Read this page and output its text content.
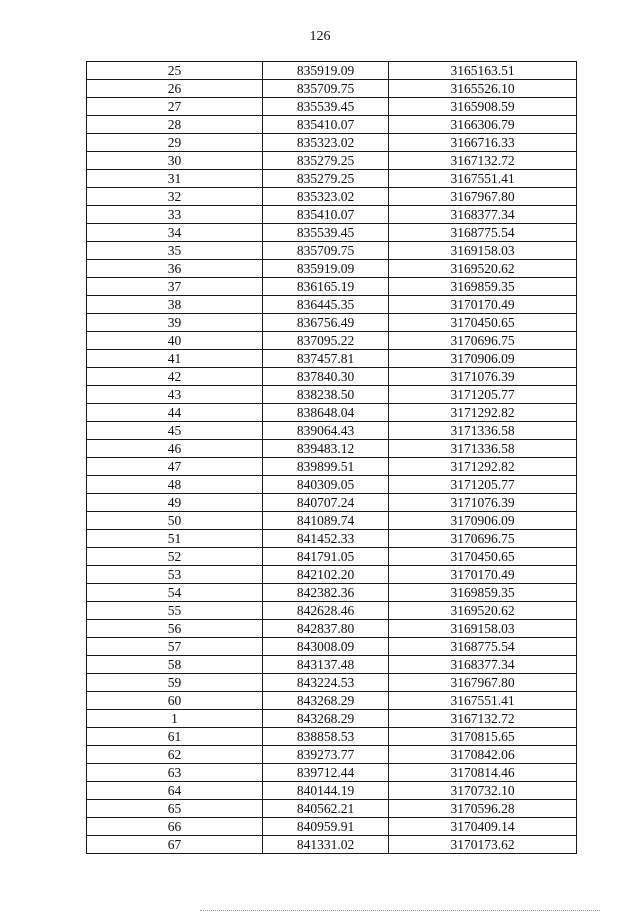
126
25	835919.09	3165163.51
26	835709.75	3165526.10
27	835539.45	3165908.59
28	835410.07	3166306.79
29	835323.02	3166716.33
30	835279.25	3167132.72
31	835279.25	3167551.41
32	835323.02	3167967.80
33	835410.07	3168377.34
34	835539.45	3168775.54
35	835709.75	3169158.03
36	835919.09	3169520.62
37	836165.19	3169859.35
38	836445.35	3170170.49
39	836756.49	3170450.65
40	837095.22	3170696.75
41	837457.81	3170906.09
42	837840.30	3171076.39
43	838238.50	3171205.77
44	838648.04	3171292.82
45	839064.43	3171336.58
46	839483.12	3171336.58
47	839899.51	3171292.82
48	840309.05	3171205.77
49	840707.24	3171076.39
50	841089.74	3170906.09
51	841452.33	3170696.75
52	841791.05	3170450.65
53	842102.20	3170170.49
54	842382.36	3169859.35
55	842628.46	3169520.62
56	842837.80	3169158.03
57	843008.09	3168775.54
58	843137.48	3168377.34
59	843224.53	3167967.80
60	843268.29	3167551.41
1	843268.29	3167132.72
61	838858.53	3170815.65
62	839273.77	3170842.06
63	839712.44	3170814.46
64	840144.19	3170732.10
65	840562.21	3170596.28
66	840959.91	3170409.14
67	841331.02	3170173.62
